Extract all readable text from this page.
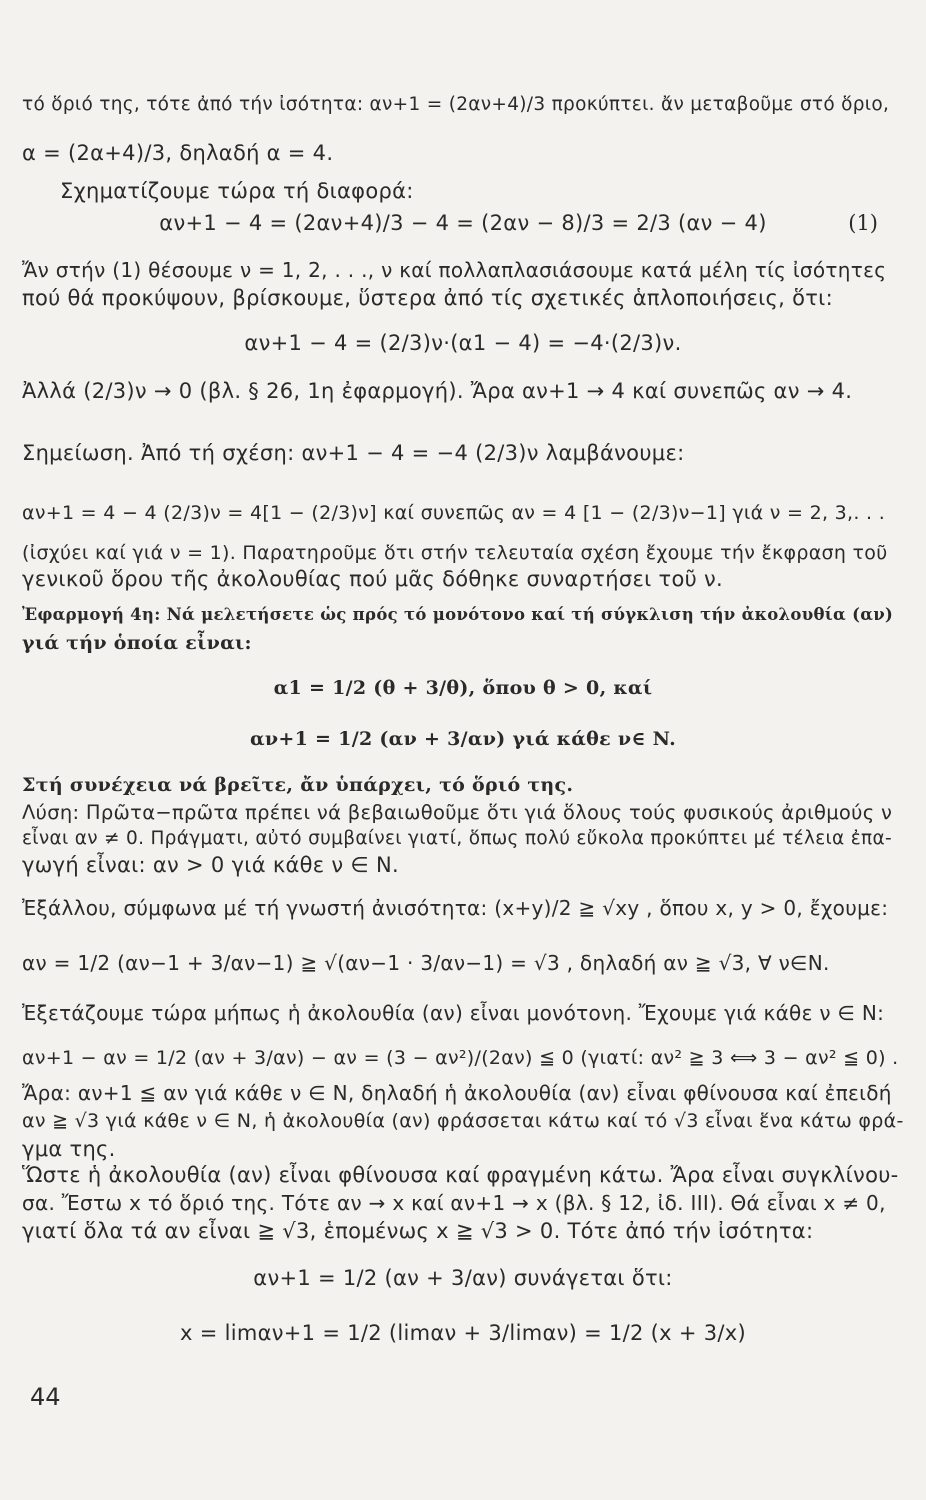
τό ὅριό της, τότε ἀπό τήν ἰσότητα: αν+1 = (2αν+4)/3 προκύπτει. ἄν μεταβοῦμε στό ὅριο,
α = (2α+4)/3, δηλαδή α = 4.
Σχηματίζουμε τώρα τή διαφορά:
αν+1 − 4 = (2αν+4)/3 − 4 = (2αν − 8)/3 = 2/3 (αν − 4)	(1)
Ἄν στήν (1) θέσουμε ν = 1, 2, . . ., ν καί πολλαπλασιάσουμε κατά μέλη τίς ἰσότητες
πού θά προκύψουν, βρίσκουμε, ὕστερα ἀπό τίς σχετικές ἁπλοποιήσεις, ὅτι:
αν+1 − 4 = (2/3)ν·(α1 − 4) = −4·(2/3)ν.
Ἀλλά (2/3)ν → 0 (βλ. § 26, 1η ἐφαρμογή). Ἄρα αν+1 → 4 καί συνεπῶς αν → 4.
Σημείωση. Ἀπό τή σχέση: αν+1 − 4 = −4 (2/3)ν λαμβάνουμε:
αν+1 = 4 − 4 (2/3)ν = 4[1 − (2/3)ν] καί συνεπῶς αν = 4 [1 − (2/3)ν−1] γιά ν = 2, 3,. . .
(ἰσχύει καί γιά ν = 1). Παρατηροῦμε ὅτι στήν τελευταία σχέση ἔχουμε τήν ἔκφραση τοῦ
γενικοῦ ὅρου τῆς ἀκολουθίας πού μᾶς δόθηκε συναρτήσει τοῦ ν.
Ἐφαρμογή 4η: Νά μελετήσετε ὡς πρός τό μονότονο καί τή σύγκλιση τήν ἀκολουθία (αν)
γιά τήν ὁποία εἶναι:
α1 = 1/2 (θ + 3/θ), ὅπου θ > 0, καί
αν+1 = 1/2 (αν + 3/αν) γιά κάθε ν∈ N.
Στή συνέχεια νά βρεῖτε, ἄν ὑπάρχει, τό ὅριό της.
Λύση: Πρῶτα−πρῶτα πρέπει νά βεβαιωθοῦμε ὅτι γιά ὅλους τούς φυσικούς ἀριθμούς ν
εἶναι αν ≠ 0. Πράγματι, αὐτό συμβαίνει γιατί, ὅπως πολύ εὔκολα προκύπτει μέ τέλεια ἐπα-
γωγή εἶναι: αν > 0 γιά κάθε ν ∈ N.
Ἐξάλλου, σύμφωνα μέ τή γνωστή ἀνισότητα: (x+y)/2 ≧ √xy , ὅπου x, y > 0, ἔχουμε:
αν = 1/2 (αν−1 + 3/αν−1) ≧ √(αν−1 · 3/αν−1) = √3 , δηλαδή αν ≧ √3, ∀ ν∈N.
Ἐξετάζουμε τώρα μήπως ἡ ἀκολουθία (αν) εἶναι μονότονη. Ἔχουμε γιά κάθε ν ∈ N:
αν+1 − αν = 1/2 (αν + 3/αν) − αν = (3 − αν²)/(2αν) ≦ 0 (γιατί: αν² ≧ 3 ⟺ 3 − αν² ≦ 0) .
Ἄρα: αν+1 ≦ αν γιά κάθε ν ∈ N, δηλαδή ἡ ἀκολουθία (αν) εἶναι φθίνουσα καί ἐπειδή
αν ≧ √3 γιά κάθε ν ∈ N, ἡ ἀκολουθία (αν) φράσσεται κάτω καί τό √3 εἶναι ἕνα κάτω φρά-
γμα της.
Ὥστε ἡ ἀκολουθία (αν) εἶναι φθίνουσα καί φραγμένη κάτω. Ἄρα εἶναι συγκλίνου-
σα. Ἔστω x τό ὅριό της. Τότε αν → x καί αν+1 → x (βλ. § 12, ἰδ. III). Θά εἶναι x ≠ 0,
γιατί ὅλα τά αν εἶναι ≧ √3, ἑπομένως x ≧ √3 > 0. Τότε ἀπό τήν ἰσότητα:
αν+1 = 1/2 (αν + 3/αν) συνάγεται ὅτι:
x = limαν+1 = 1/2 (limαν + 3/limαν) = 1/2 (x + 3/x)
44
